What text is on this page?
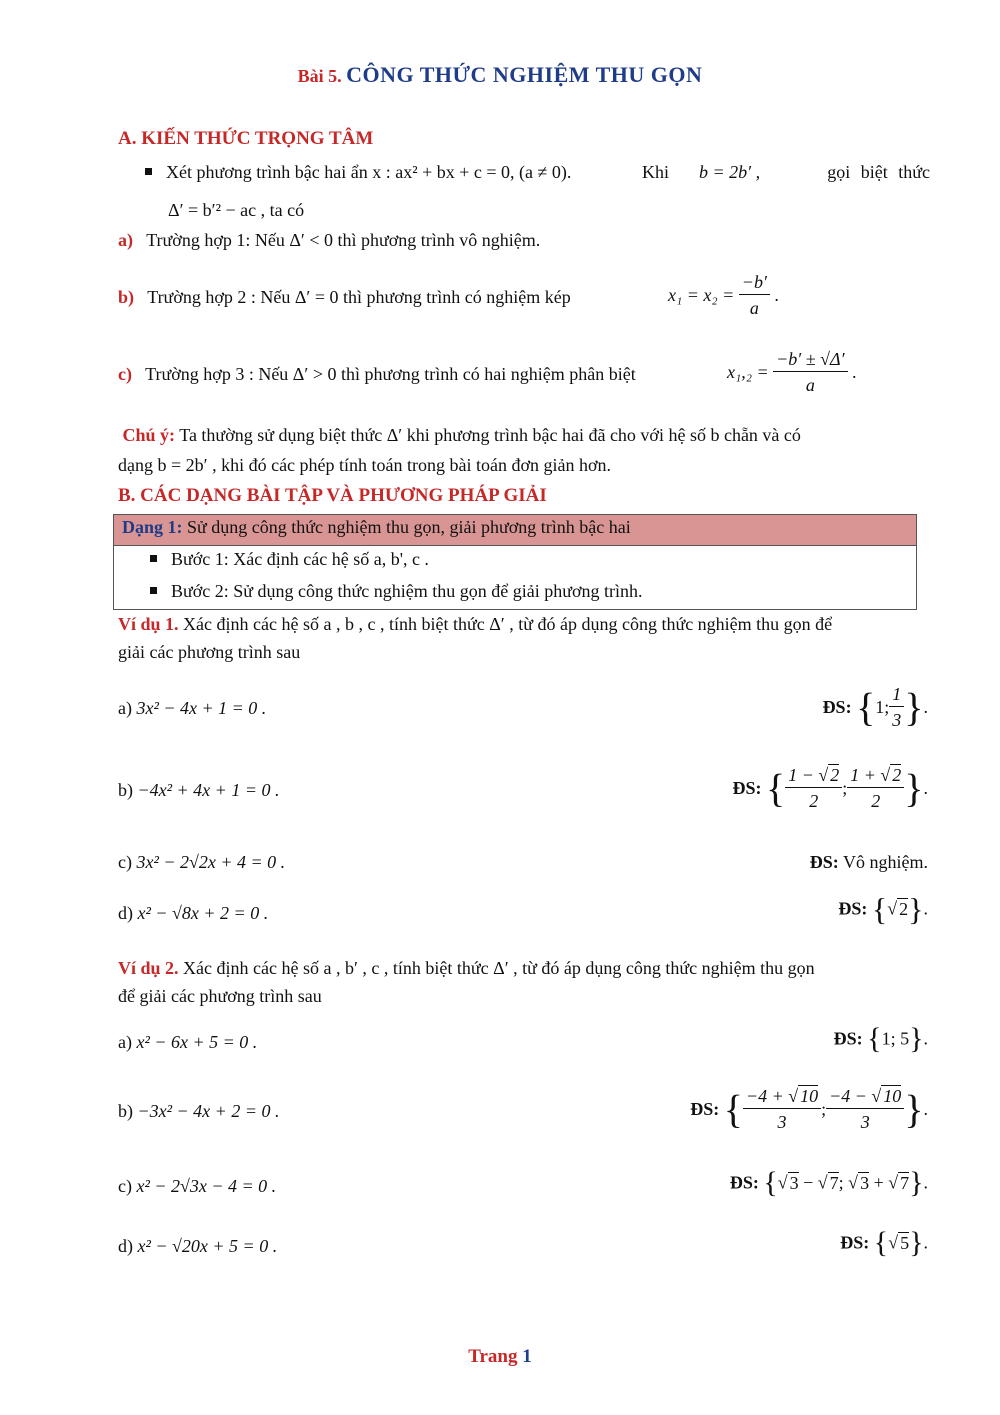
Bài 5. CÔNG THỨC NGHIỆM THU GỌN
A. KIẾN THỨC TRỌNG TÂM
Xét phương trình bậc hai ẩn x : ax² + bx + c = 0, (a ≠ 0).	Khi b = 2b′ ,	gọi biệt thức
Δ′ = b′² − ac , ta có
a) Trường hợp 1: Nếu Δ′ < 0 thì phương trình vô nghiệm.
b) Trường hợp 2 : Nếu Δ′ = 0 thì phương trình có nghiệm kép	$x_1 = x_2 = \frac{-b'}{a}$ .
c) Trường hợp 3 : Nếu Δ′ > 0 thì phương trình có hai nghiệm phân biệt	$x_1,_2 = \frac{-b' \pm √\Delta'}{a}$ .
Chú ý: Ta thường sử dụng biệt thức Δ′ khi phương trình bậc hai đã cho với hệ số b chẵn và có
dạng b = 2b′ , khi đó các phép tính toán trong bài toán đơn giản hơn.
B. CÁC DẠNG BÀI TẬP VÀ PHƯƠNG PHÁP GIẢI
Dạng 1: Sử dụng công thức nghiệm thu gọn, giải phương trình bậc hai
Bước 1: Xác định các hệ số a, b', c .
Bước 2: Sử dụng công thức nghiệm thu gọn để giải phương trình.
Ví dụ 1. Xác định các hệ số a , b , c , tính biệt thức Δ′ , từ đó áp dụng công thức nghiệm thu gọn để
giải các phương trình sau
a) 3x² − 4x + 1 = 0 .	ĐS: {1; $\frac{1}{3}$ }.
b) −4x² + 4x + 1 = 0 .	ĐS: { $\frac{1 - √ 2}{2}$ ; $\frac{1 + √ 2}{2}$ }.
c) 3x² − 2√2x + 4 = 0 .	ĐS: Vô nghiệm.
d) x² − √8x + 2 = 0 .	ĐS: {√ 2}.
Ví dụ 2. Xác định các hệ số a , b′ , c , tính biệt thức Δ′ , từ đó áp dụng công thức nghiệm thu gọn
để giải các phương trình sau
a) x² − 6x + 5 = 0 .	ĐS: {1; 5}.
b) −3x² − 4x + 2 = 0 .	ĐS: { $\frac{-4 + √ 10}{3}$ ; $\frac{-4 - √ 10}{3}$ }.
c) x² − 2√3x − 4 = 0 .	ĐS: {√ 3 − √ 7; √ 3 + √ 7}.
d) x² − √20x + 5 = 0 .	ĐS: {√ 5}.
Trang 1
